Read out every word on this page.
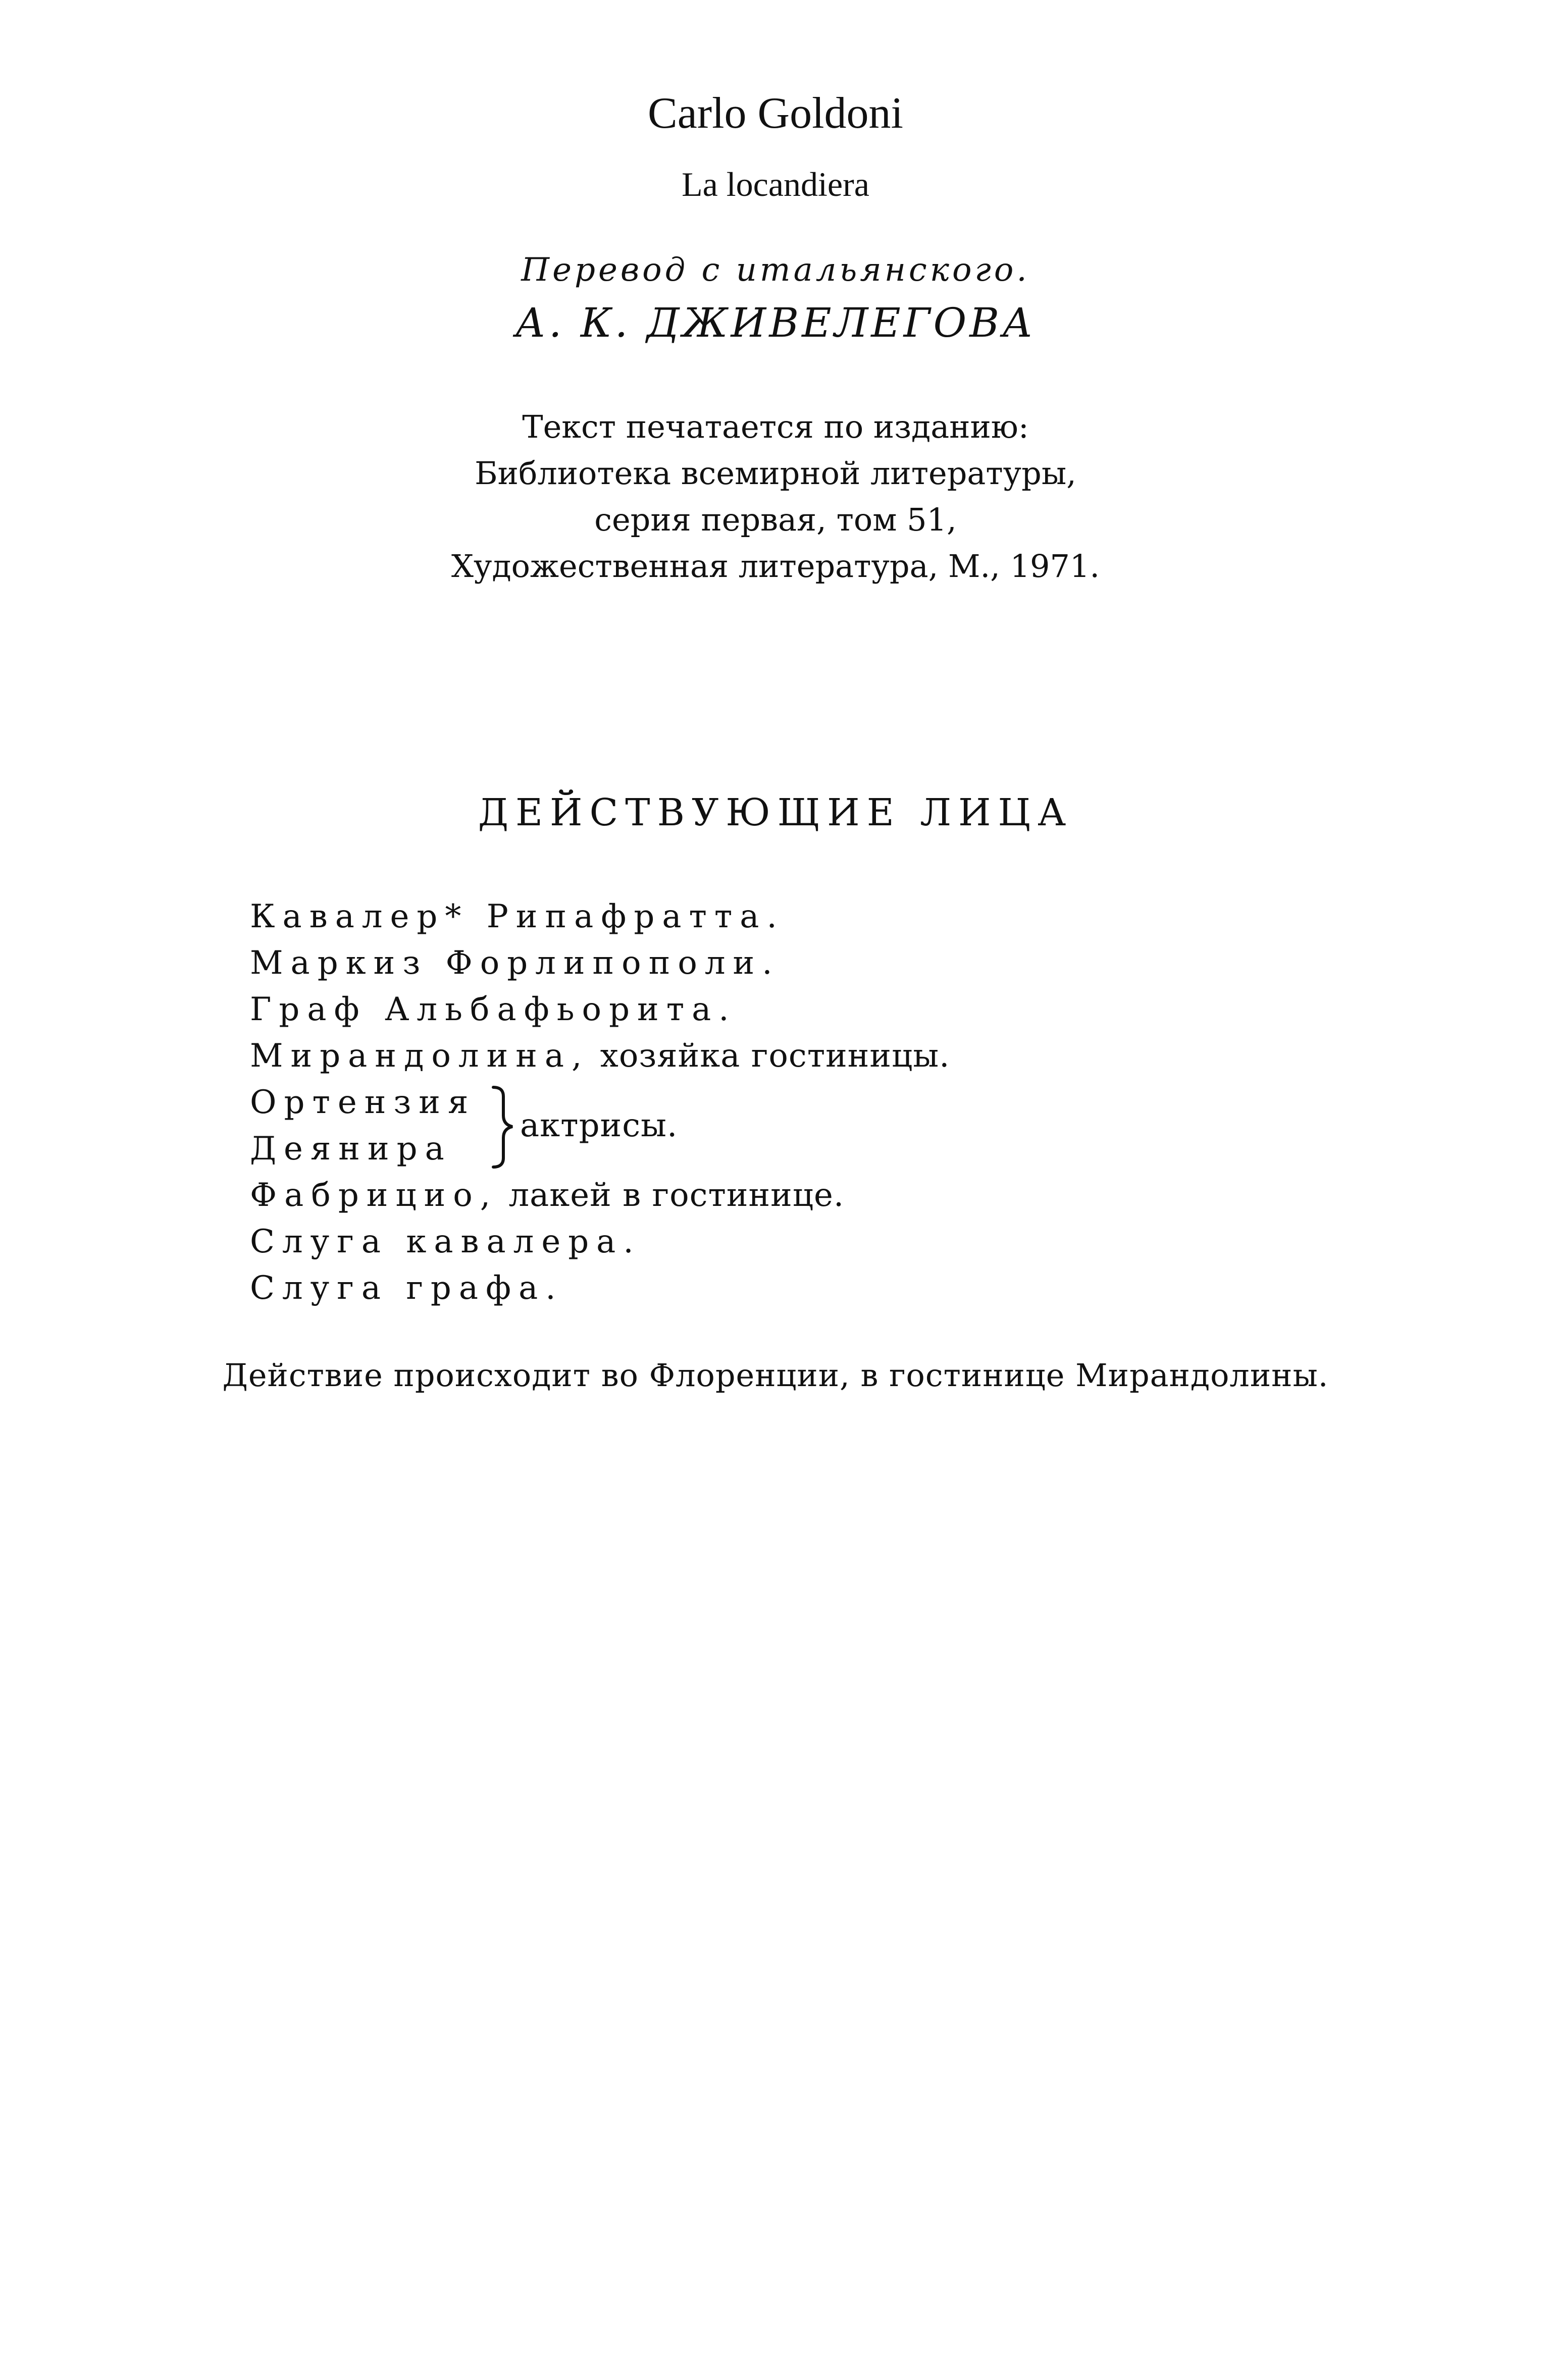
Carlo Goldoni
La locandiera
Перевод с итальянского.
А. К. ДЖИВЕЛЕГОВА
Текст печатается по изданию:
Библиотека всемирной литературы,
серия первая, том 51,
Художественная литература, М., 1971.
ДЕЙСТВУЮЩИЕ ЛИЦА
Кавалер* Рипафратта.
Маркиз Форлипополи.
Граф Альбафьорита.
Мирандолина, хозяйка гостиницы.
Ортензия
Деянира
актрисы.
Фабрицио, лакей в гостинице.
Слуга кавалера.
Слуга графа.
Действие происходит во Флоренции, в гостинице Мирандолины.
